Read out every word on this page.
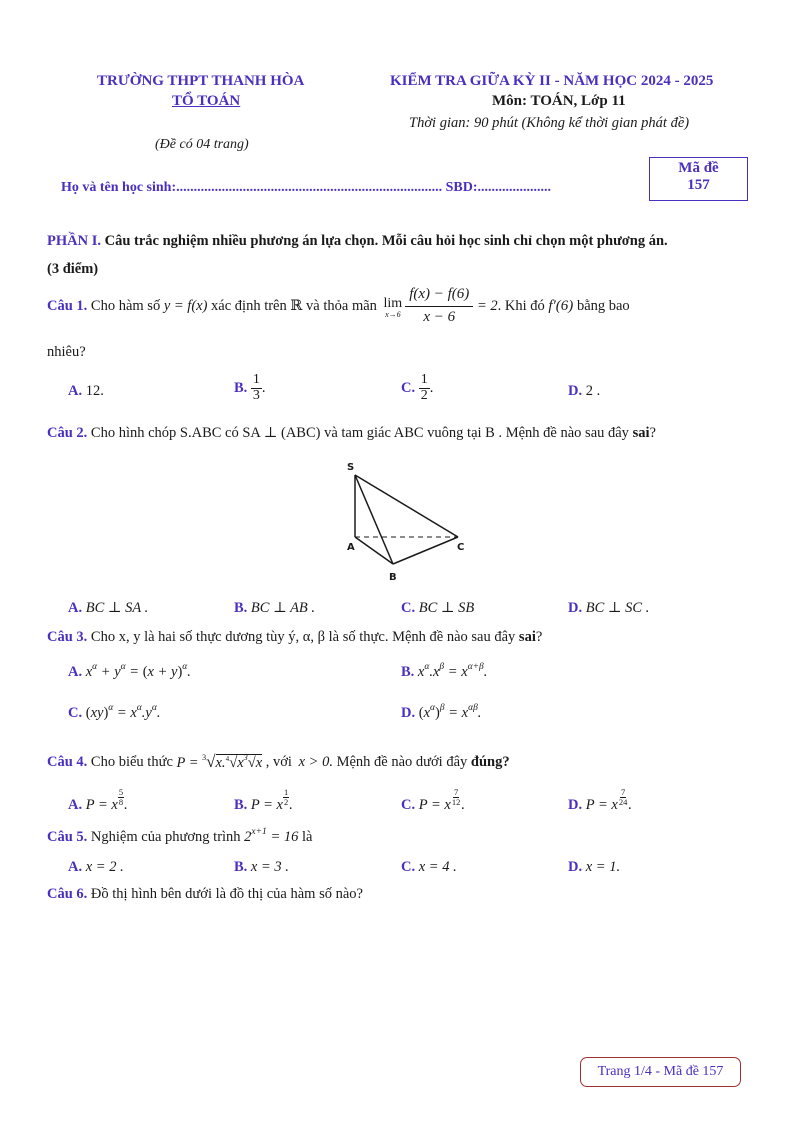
TRƯỜNG THPT THANH HÒA
TỔ TOÁN
(Đề có 04 trang)
KIỂM TRA GIỮA KỲ II - NĂM HỌC 2024 - 2025
Môn: TOÁN, Lớp 11
Thời gian: 90 phút (Không kể thời gian phát đề)
Họ và tên học sinh:............................................................................ SBD:.....................
Mã đề
157
PHẦN I. Câu trắc nghiệm nhiều phương án lựa chọn. Mỗi câu hỏi học sinh chỉ chọn một phương án.
(3 điểm)
Câu 1. Cho hàm số y = f(x) xác định trên ℝ và thỏa mãn lim
$x\to 6 \frac{f(x) - f(6)}{x - 6} = 2$ . Khi đó f′(6) bằng bao
nhiêu?
A. 12.	B.
$\frac{1}{3}$ .	C.
$\frac{1}{2}$ .	D. 2 .
Câu 2. Cho hình chóp S.ABC có SA ⊥ (ABC) và tam giác ABC vuông tại B . Mệnh đề nào sau đây sai?
S
A
B
C
A. BC ⊥ SA .	B. BC ⊥ AB .	C. BC ⊥ SB	D. BC ⊥ SC .
Câu 3. Cho x, y là hai số thực dương tùy ý, α, β là số thực. Mệnh đề nào sau đây sai?
A. $x^\alpha + y^\alpha = (x + y)^\alpha$.	B. $x^\alpha.x^\beta = x^{\alpha+\beta}$.
C. $(xy)^\alpha = x^\alpha.y^\alpha$.	D. $(x^\alpha)^\beta = x^{\alpha\beta}$.
Câu 4. Cho biểu thức $P = ^3√x.^4√x^3√x$ , với x > 0. Mệnh đề nào dưới đây đúng?
A. P = x $\frac{5}{8}$ .	B. P = x $\frac{1}{2}$ .	C. P = x $\frac{7}{12}$ .	D. P = x $\frac{7}{24}$ .
Câu 5. Nghiệm của phương trình $2^{x+1} = 16$ là
A. x = 2 .	B. x = 3 .	C. x = 4 .	D. x = 1.
Câu 6. Đồ thị hình bên dưới là đồ thị của hàm số nào?
Trang 1/4 - Mã đề 157
